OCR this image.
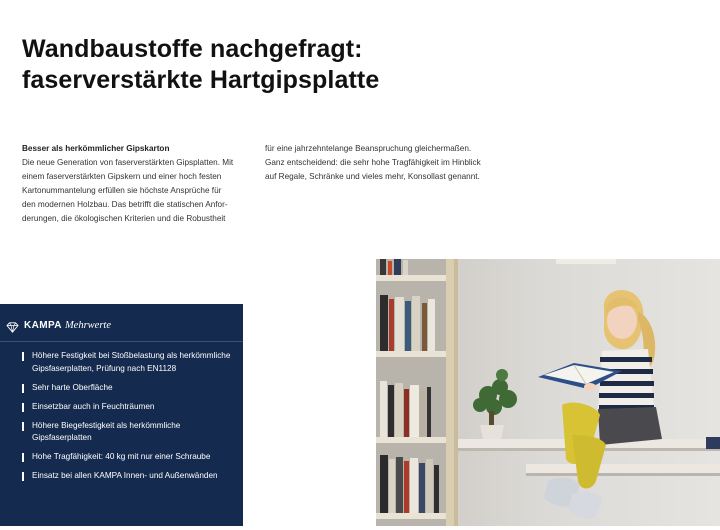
Wandbaustoffe nachgefragt:
faserverstärkte Hartgipsplatte
Besser als herkömmlicher Gipskarton
Die neue Generation von faserverstärkten Gipsplatten. Mit
einem faserverstärkten Gipskern und einer hoch festen
Kartonummantelung erfüllen sie höchste Ansprüche für
den modernen Holzbau. Das betrifft die statischen Anfor-
derungen, die ökologischen Kriterien und die Robustheit
für eine jahrzehntelange Beanspruchung gleichermaßen.
Ganz entscheidend: die sehr hohe Tragfähigkeit im Hinblick
auf Regale, Schränke und vieles mehr, Konsollast genannt.
KAMPA Mehrwerte
Höhere Festigkeit bei Stoßbelastung als herkömmliche
Gipsfaserplatten, Prüfung nach EN1128
Sehr harte Oberfläche
Einsetzbar auch in Feuchträumen
Höhere Biegefestigkeit als herkömmliche
Gipsfaserplatten
Hohe Tragfähigkeit: 40 kg mit nur einer Schraube
Einsatz bei allen KAMPA Innen- und Außenwänden
